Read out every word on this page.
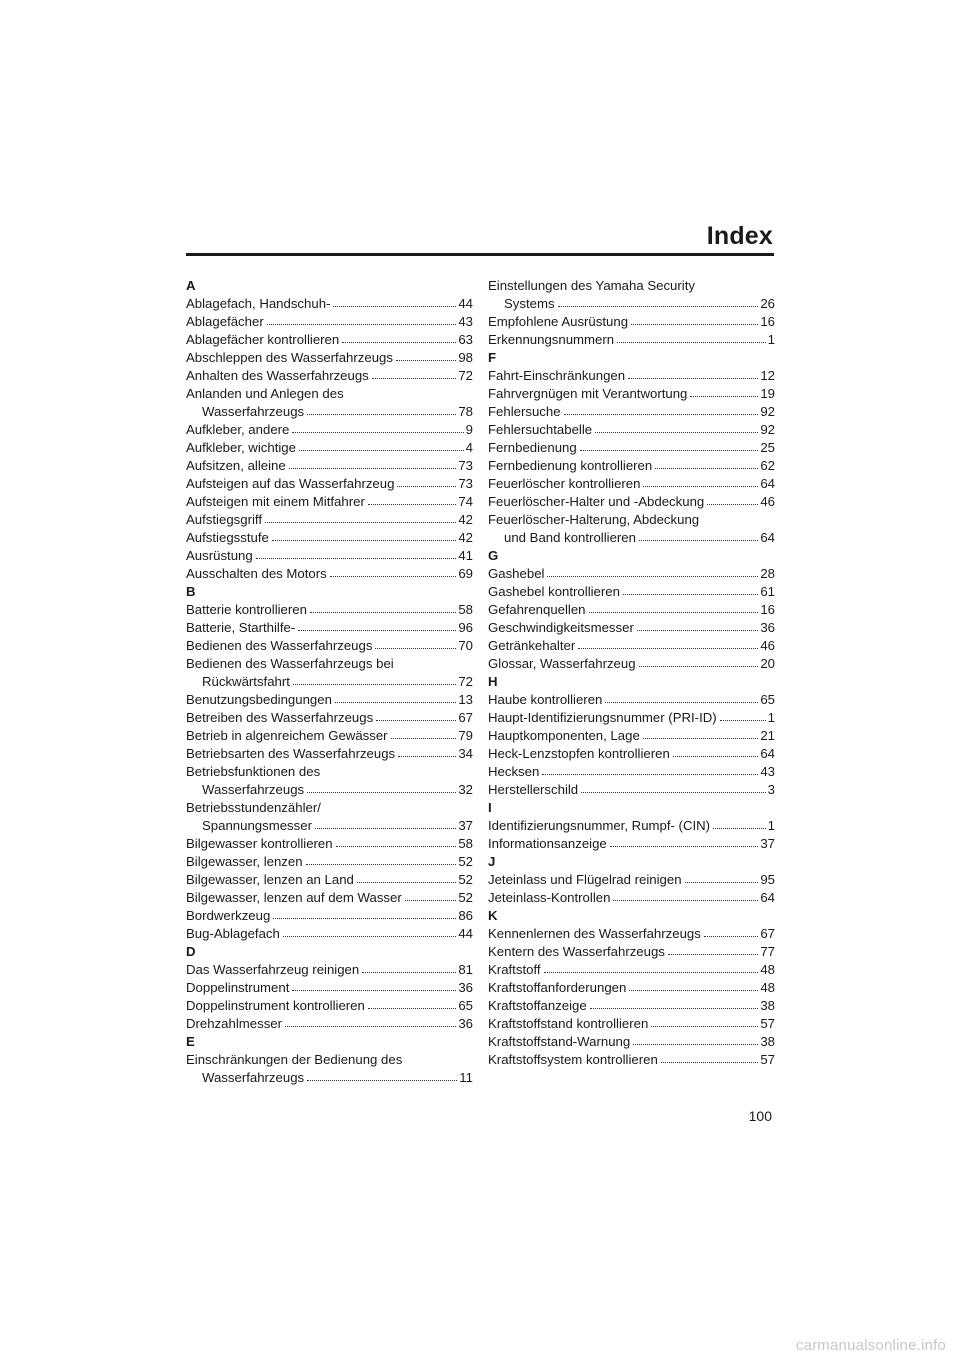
Index
A
Ablagefach, Handschuh-	44
Ablagefächer	43
Ablagefächer kontrollieren	63
Abschleppen des Wasserfahrzeugs	98
Anhalten des Wasserfahrzeugs	72
Anlanden und Anlegen des
Wasserfahrzeugs	78
Aufkleber, andere	9
Aufkleber, wichtige	4
Aufsitzen, alleine	73
Aufsteigen auf das Wasserfahrzeug	73
Aufsteigen mit einem Mitfahrer	74
Aufstiegsgriff	42
Aufstiegsstufe	42
Ausrüstung	41
Ausschalten des Motors	69
B
Batterie kontrollieren	58
Batterie, Starthilfe-	96
Bedienen des Wasserfahrzeugs	70
Bedienen des Wasserfahrzeugs bei
Rückwärtsfahrt	72
Benutzungsbedingungen	13
Betreiben des Wasserfahrzeugs	67
Betrieb in algenreichem Gewässer	79
Betriebsarten des Wasserfahrzeugs	34
Betriebsfunktionen des
Wasserfahrzeugs	32
Betriebsstundenzähler/
Spannungsmesser	37
Bilgewasser kontrollieren	58
Bilgewasser, lenzen	52
Bilgewasser, lenzen an Land	52
Bilgewasser, lenzen auf dem Wasser	52
Bordwerkzeug	86
Bug-Ablagefach	44
D
Das Wasserfahrzeug reinigen	81
Doppelinstrument	36
Doppelinstrument kontrollieren	65
Drehzahlmesser	36
E
Einschränkungen der Bedienung des
Wasserfahrzeugs	11
Einstellungen des Yamaha Security
Systems	26
Empfohlene Ausrüstung	16
Erkennungsnummern	1
F
Fahrt-Einschränkungen	12
Fahrvergnügen mit Verantwortung	19
Fehlersuche	92
Fehlersuchtabelle	92
Fernbedienung	25
Fernbedienung kontrollieren	62
Feuerlöscher kontrollieren	64
Feuerlöscher-Halter und -Abdeckung	46
Feuerlöscher-Halterung, Abdeckung
und Band kontrollieren	64
G
Gashebel	28
Gashebel kontrollieren	61
Gefahrenquellen	16
Geschwindigkeitsmesser	36
Getränkehalter	46
Glossar, Wasserfahrzeug	20
H
Haube kontrollieren	65
Haupt-Identifizierungsnummer (PRI-ID)	1
Hauptkomponenten, Lage	21
Heck-Lenzstopfen kontrollieren	64
Hecksen	43
Herstellerschild	3
I
Identifizierungsnummer, Rumpf- (CIN)	1
Informationsanzeige	37
J
Jeteinlass und Flügelrad reinigen	95
Jeteinlass-Kontrollen	64
K
Kennenlernen des Wasserfahrzeugs	67
Kentern des Wasserfahrzeugs	77
Kraftstoff	48
Kraftstoffanforderungen	48
Kraftstoffanzeige	38
Kraftstoffstand kontrollieren	57
Kraftstoffstand-Warnung	38
Kraftstoffsystem kontrollieren	57
100
carmanualsonline.info
